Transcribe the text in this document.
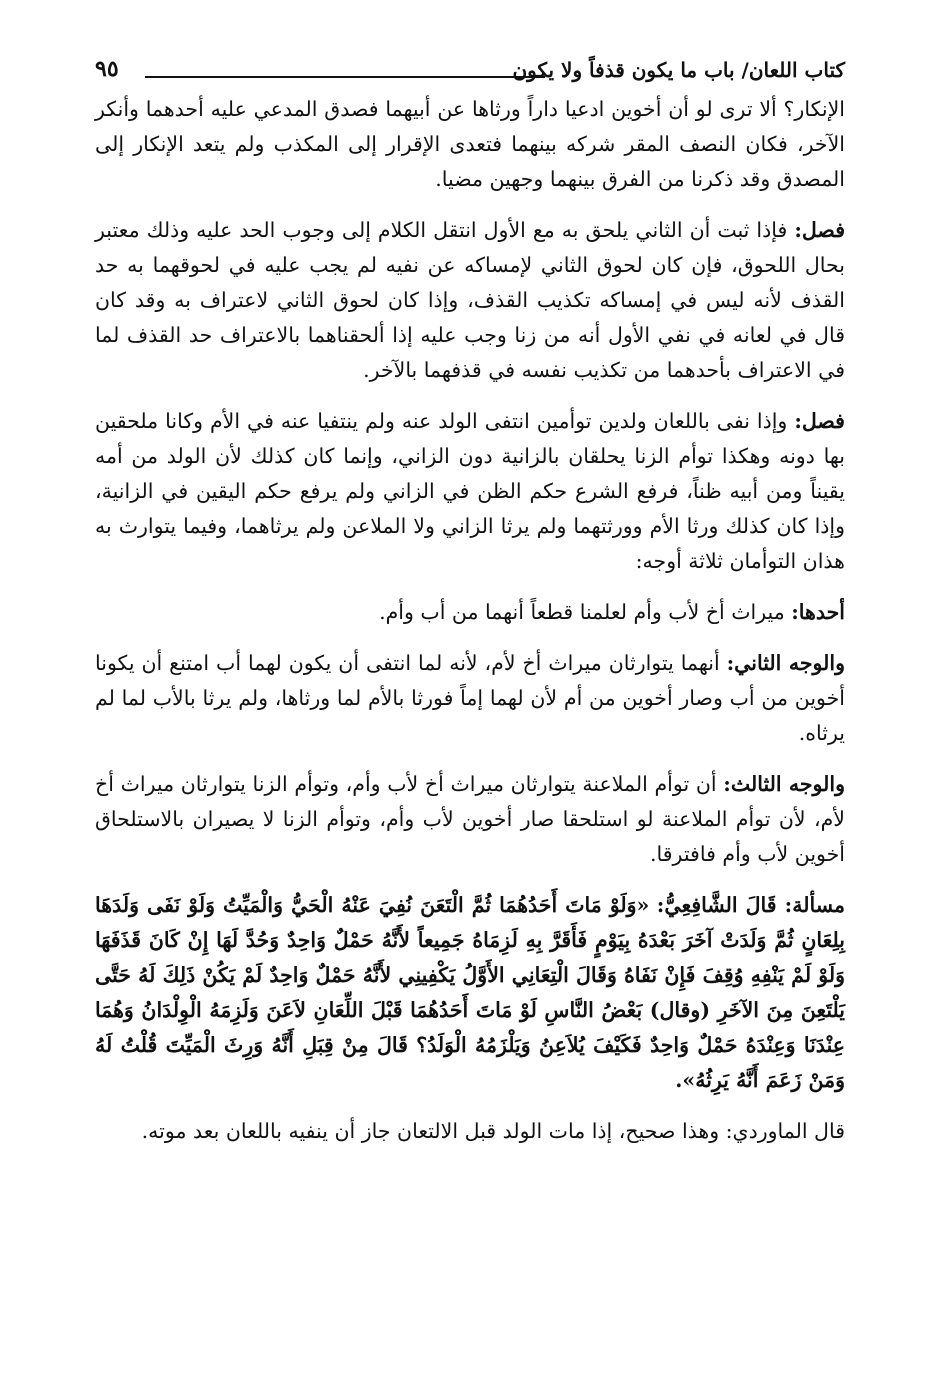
كتاب اللعان/ باب ما يكون قذفاً ولا يكون
٩٥

الإنكار؟ ألا ترى لو أن أخوين ادعيا داراً ورثاها عن أبيهما فصدق المدعي عليه أحدهما وأنكر الآخر، فكان النصف المقر شركه بينهما فتعدى الإقرار إلى المكذب ولم يتعد الإنكار إلى المصدق وقد ذكرنا من الفرق بينهما وجهين مضيا.

فصل: فإذا ثبت أن الثاني يلحق به مع الأول انتقل الكلام إلى وجوب الحد عليه وذلك معتبر بحال اللحوق، فإن كان لحوق الثاني لإمساكه عن نفيه لم يجب عليه في لحوقهما به حد القذف لأنه ليس في إمساكه تكذيب القذف، وإذا كان لحوق الثاني لاعتراف به وقد كان قال في لعانه في نفي الأول أنه من زنا وجب عليه إذا ألحقناهما بالاعتراف حد القذف لما في الاعتراف بأحدهما من تكذيب نفسه في قذفهما بالآخر.

فصل: وإذا نفى باللعان ولدين توأمين انتفى الولد عنه ولم ينتفيا عنه في الأم وكانا ملحقين بها دونه وهكذا توأم الزنا يحلقان بالزانية دون الزاني، وإنما كان كذلك لأن الولد من أمه يقيناً ومن أبيه ظناً، فرفع الشرع حكم الظن في الزاني ولم يرفع حكم اليقين في الزانية، وإذا كان كذلك ورثا الأم وورثتهما ولم يرثا الزاني ولا الملاعن ولم يرثاهما، وفيما يتوارث به هذان التوأمان ثلاثة أوجه:

أحدها: ميراث أخ لأب وأم لعلمنا قطعاً أنهما من أب وأم.

والوجه الثاني: أنهما يتوارثان ميراث أخ لأم، لأنه لما انتفى أن يكون لهما أب امتنع أن يكونا أخوين من أب وصار أخوين من أم لأن لهما إماً فورثا بالأم لما ورثاها، ولم يرثا بالأب لما لم يرثاه.

والوجه الثالث: أن توأم الملاعنة يتوارثان ميراث أخ لأب وأم، وتوأم الزنا يتوارثان ميراث أخ لأم، لأن توأم الملاعنة لو استلحقا صار أخوين لأب وأم، وتوأم الزنا لا يصيران بالاستلحاق أخوين لأب وأم فافترقا.

مسألة: قَالَ الشَّافِعِيُّ: «وَلَوْ مَاتَ أَحَدُهُمَا ثُمَّ الْتَعَنَ نُفِيَ عَنْهُ الْحَيُّ وَالْمَيِّتُ وَلَوْ نَفَى وَلَدَهَا بِلِعَانٍ ثُمَّ وَلَدَتْ آخَرَ بَعْدَهُ بِيَوْمٍ فَأَقَرَّ بِهِ لَزِمَاهُ جَمِيعاً لأَنَّهُ حَمْلٌ وَاحِدٌ وَحُدَّ لَهَا إِنْ كَانَ قَذَفَهَا وَلَوْ لَمْ يَنْفِهِ وُقِفَ فَإِنْ نَفَاهُ وَقَالَ الْتِعَانِي الأَوَّلُ يَكْفِينِي لأَنَّهُ حَمْلٌ وَاحِدٌ لَمْ يَكُنْ ذَلِكَ لَهُ حَتَّى يَلْتَعِنَ مِنَ الآخَرِ (وقال) بَعْضُ النَّاسِ لَوْ مَاتَ أَحَدُهُمَا قَبْلَ اللِّعَانِ لاَعَنَ وَلَزِمَهُ الْوِلْدَانُ وَهُمَا عِنْدَنَا وَعِنْدَهُ حَمْلٌ وَاحِدٌ فَكَيْفَ يُلاَعِنُ وَيَلْزَمُهُ الْوَلَدُ؟ قَالَ مِنْ قِبَلِ أَنَّهُ وَرِثَ الْمَيِّتَ قُلْتُ لَهُ وَمَنْ زَعَمَ أَنَّهُ يَرِثُهُ».

قال الماوردي: وهذا صحيح، إذا مات الولد قبل الالتعان جاز أن ينفيه باللعان بعد موته.
